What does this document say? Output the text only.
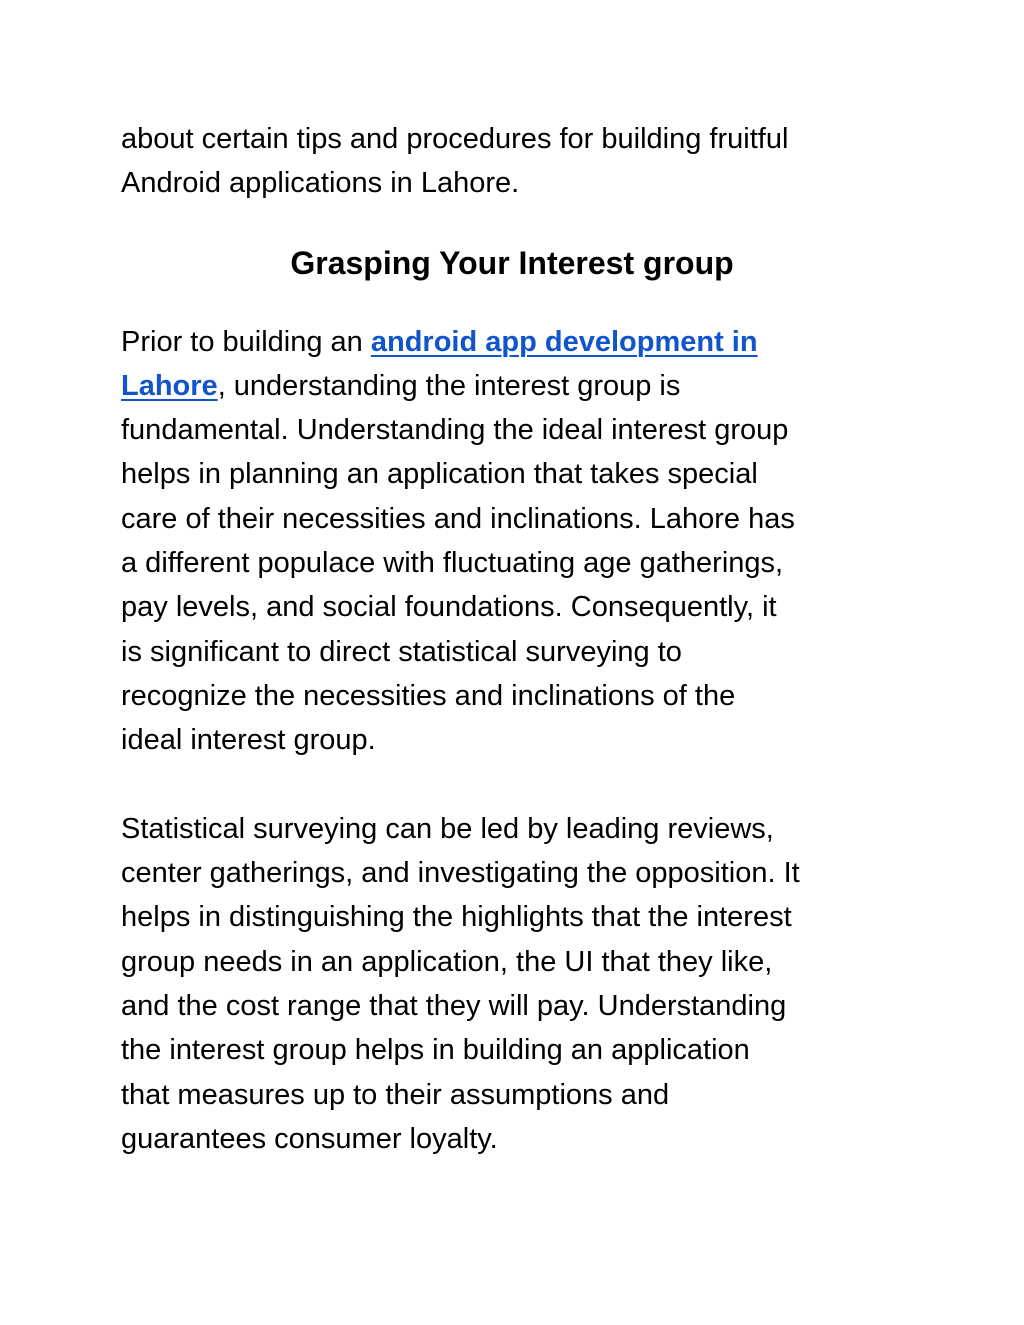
about certain tips and procedures for building fruitful
Android applications in Lahore.

Grasping Your Interest group

Prior to building an android app development in
Lahore, understanding the interest group is
fundamental. Understanding the ideal interest group
helps in planning an application that takes special
care of their necessities and inclinations. Lahore has
a different populace with fluctuating age gatherings,
pay levels, and social foundations. Consequently, it
is significant to direct statistical surveying to
recognize the necessities and inclinations of the
ideal interest group.

Statistical surveying can be led by leading reviews,
center gatherings, and investigating the opposition. It
helps in distinguishing the highlights that the interest
group needs in an application, the UI that they like,
and the cost range that they will pay. Understanding
the interest group helps in building an application
that measures up to their assumptions and
guarantees consumer loyalty.
